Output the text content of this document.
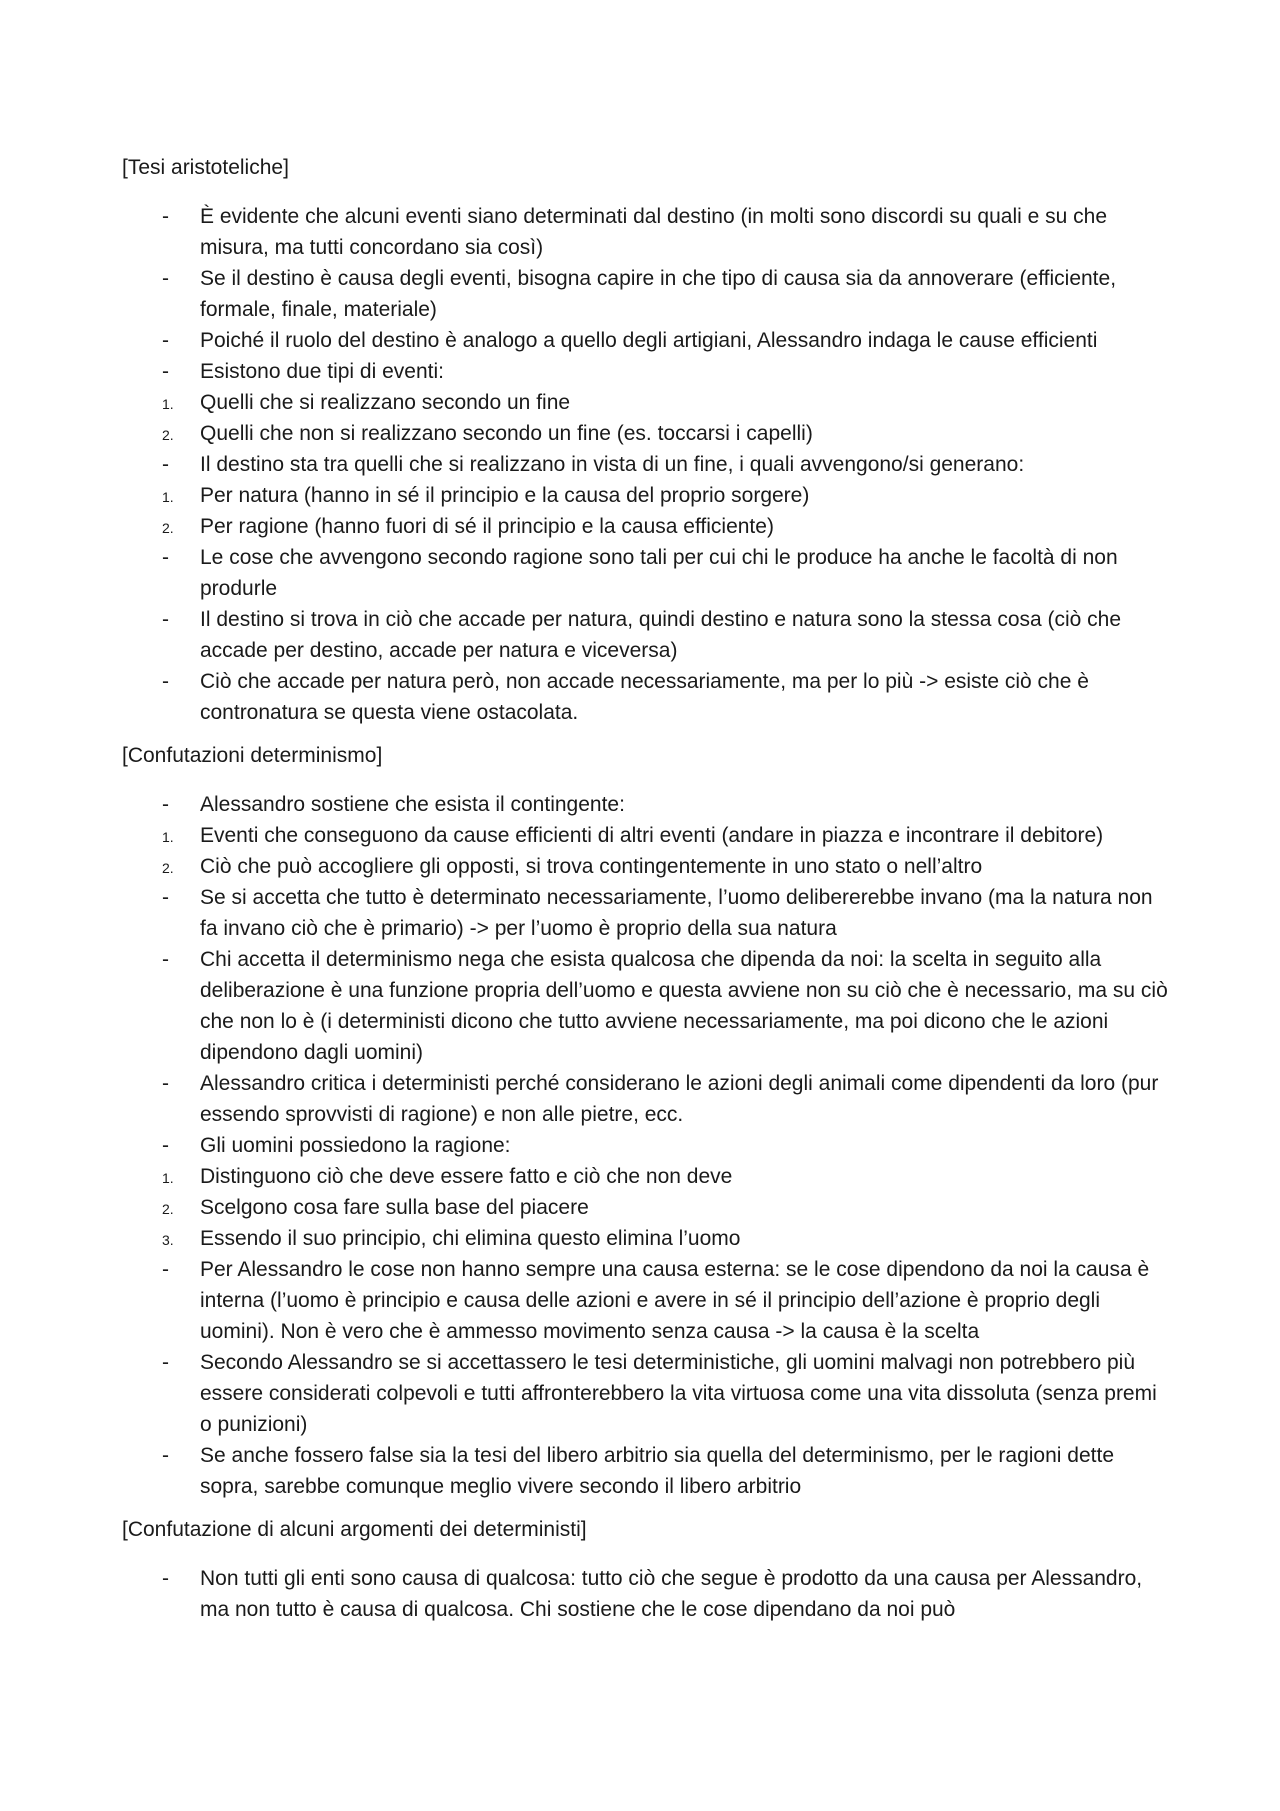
[Tesi aristoteliche]

-	È evidente che alcuni eventi siano determinati dal destino (in molti sono discordi su quali e su che misura, ma tutti concordano sia così)
-	Se il destino è causa degli eventi, bisogna capire in che tipo di causa sia da annoverare (efficiente, formale, finale, materiale)
-	Poiché il ruolo del destino è analogo a quello degli artigiani, Alessandro indaga le cause efficienti
-	Esistono due tipi di eventi:
1.	Quelli che si realizzano secondo un fine
2.	Quelli che non si realizzano secondo un fine (es. toccarsi i capelli)
-	Il destino sta tra quelli che si realizzano in vista di un fine, i quali avvengono/si generano:
1.	Per natura (hanno in sé il principio e la causa del proprio sorgere)
2.	Per ragione (hanno fuori di sé il principio e la causa efficiente)
-	Le cose che avvengono secondo ragione sono tali per cui chi le produce ha anche le facoltà di non produrle
-	Il destino si trova in ciò che accade per natura, quindi destino e natura sono la stessa cosa (ciò che accade per destino, accade per natura e viceversa)
-	Ciò che accade per natura però, non accade necessariamente, ma per lo più -> esiste ciò che è contronatura se questa viene ostacolata.

[Confutazioni determinismo]

-	Alessandro sostiene che esista il contingente:
1.	Eventi che conseguono da cause efficienti di altri eventi (andare in piazza e incontrare il debitore)
2.	Ciò che può accogliere gli opposti, si trova contingentemente in uno stato o nell’altro
-	Se si accetta che tutto è determinato necessariamente, l’uomo delibererebbe invano (ma la natura non fa invano ciò che è primario) -> per l’uomo è proprio della sua natura
-	Chi accetta il determinismo nega che esista qualcosa che dipenda da noi: la scelta in seguito alla deliberazione è una funzione propria dell’uomo e questa avviene non su ciò che è necessario, ma su ciò che non lo è (i deterministi dicono che tutto avviene necessariamente, ma poi dicono che le azioni dipendono dagli uomini)
-	Alessandro critica i deterministi perché considerano le azioni degli animali come dipendenti da loro (pur essendo sprovvisti di ragione) e non alle pietre, ecc.
-	Gli uomini possiedono la ragione:
1.	Distinguono ciò che deve essere fatto e ciò che non deve
2.	Scelgono cosa fare sulla base del piacere
3.	Essendo il suo principio, chi elimina questo elimina l’uomo
-	Per Alessandro le cose non hanno sempre una causa esterna: se le cose dipendono da noi la causa è interna (l’uomo è principio e causa delle azioni e avere in sé il principio dell’azione è proprio degli uomini). Non è vero che è ammesso movimento senza causa -> la causa è la scelta
-	Secondo Alessandro se si accettassero le tesi deterministiche, gli uomini malvagi non potrebbero più essere considerati colpevoli e tutti affronterebbero la vita virtuosa come una vita dissoluta (senza premi o punizioni)
-	Se anche fossero false sia la tesi del libero arbitrio sia quella del determinismo, per le ragioni dette sopra, sarebbe comunque meglio vivere secondo il libero arbitrio

[Confutazione di alcuni argomenti dei deterministi]

-	Non tutti gli enti sono causa di qualcosa: tutto ciò che segue è prodotto da una causa per Alessandro, ma non tutto è causa di qualcosa. Chi sostiene che le cose dipendano da noi può
